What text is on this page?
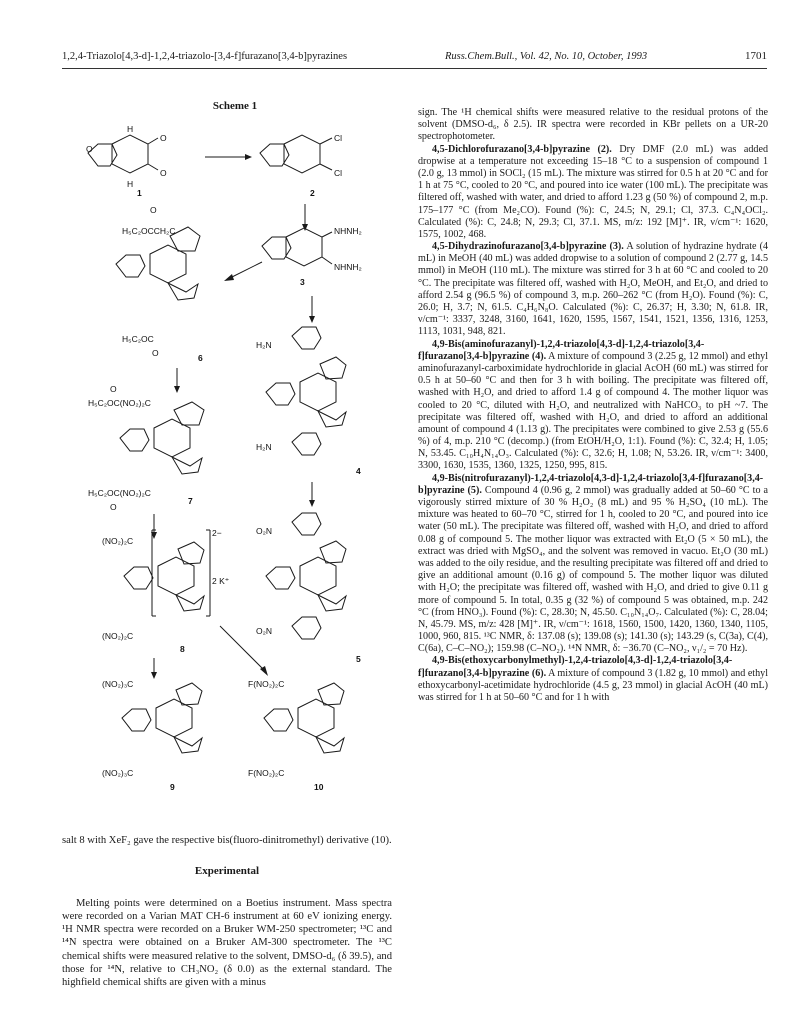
1,2,4-Triazolo[4,3-d]-1,2,4-triazolo-[3,4-f]furazano[3,4-b]pyrazines	Russ.Chem.Bull., Vol. 42, No. 10, October, 1993	1701
Scheme 1
O
H
O
O
H
1
Cl
Cl
2
NHNH₂
NHNH₂
3
O
H₅C₂OCCH₂C
H₅C₂OC
O	6
O
H₅C₂OC(NO₂)₂C
H₅C₂OC(NO₂)₂C
O
7
(NO₂)₂C
2−
2 K⁺
(NO₂)₂C
8
(NO₂)₃C
(NO₂)₃C
9
F(NO₂)₂C
F(NO₂)₂C
10
H₂N
H₂N
4
O₂N
O₂N
5

salt 8 with XeF₂ gave the respective bis(fluoro-dinitromethyl) derivative (10).

Experimental

Melting points were determined on a Boetius instrument. Mass spectra were recorded on a Varian MAT CH-6 instrument at 60 eV ionizing energy. ¹H NMR spectra were recorded on a Bruker WM-250 spectrometer; ¹³C and ¹⁴N spectra were obtained on a Bruker AM-300 spectrometer. The ¹³C chemical shifts were measured relative to the solvent, DMSO-d₆ (δ 39.5), and those for ¹⁴N, relative to CH₃NO₂ (δ 0.0) as the external standard. The highfield chemical shifts are given with a minus

sign. The ¹H chemical shifts were measured relative to the residual protons of the solvent (DMSO-d₆, δ 2.5). IR spectra were recorded in KBr pellets on a UR-20 spectrophotometer.

4,5-Dichlorofurazano[3,4-b]pyrazine (2). Dry DMF (2.0 mL) was added dropwise at a temperature not exceeding 15–18 °C to a suspension of compound 1 (2.0 g, 13 mmol) in SOCl₂ (15 mL). The mixture was stirred for 0.5 h at 20 °C and for 1 h at 75 °C, cooled to 20 °C, and poured into ice water (100 mL). The precipitate was filtered off, washed with water, and dried to afford 1.23 g (50 %) of compound 2, m.p. 175–177 °C (from Me₂CO). Found (%): C, 24.5; N, 29.1; Cl, 37.3. C₄N₄OCl₂. Calculated (%): C, 24.8; N, 29.3; Cl, 37.1. MS, m/z: 192 [M]⁺. IR, ν/cm⁻¹: 1620, 1575, 1002, 468.

4,5-Dihydrazinofurazano[3,4-b]pyrazine (3). A solution of hydrazine hydrate (4 mL) in MeOH (40 mL) was added dropwise to a solution of compound 2 (2.77 g, 14.5 mmol) in MeOH (110 mL). The mixture was stirred for 3 h at 60 °C and cooled to 20 °C. The precipitate was filtered off, washed with H₂O, MeOH, and Et₂O, and dried to afford 2.54 g (96.5 %) of compound 3, m.p. 260–262 °C (from H₂O). Found (%): C, 26.0; H, 3.7; N, 61.5. C₄H₆N₈O. Calculated (%): C, 26.37; H, 3.30; N, 61.8. IR, ν/cm⁻¹: 3337, 3248, 3160, 1641, 1620, 1595, 1567, 1541, 1521, 1356, 1316, 1253, 1113, 1031, 948, 821.

4,9-Bis(aminofurazanyl)-1,2,4-triazolo[4,3-d]-1,2,4-triazolo[3,4-f]furazano[3,4-b]pyrazine (4). A mixture of compound 3 (2.25 g, 12 mmol) and ethyl aminofurazanyl-carboximidate hydrochloride in glacial AcOH (60 mL) was stirred for 0.5 h at 50–60 °C and then for 3 h with boiling. The precipitate was filtered off, washed with H₂O, and dried to afford 1.4 g of compound 4. The mother liquor was cooled to 20 °C, diluted with H₂O, and neutralized with NaHCO₃ to pH ~7. The precipitate was filtered off, washed with H₂O, and dried to afford an additional amount of compound 4 (1.13 g). The precipitates were combined to give 2.53 g (55.6 %) of 4, m.p. 210 °C (decomp.) (from EtOH/H₂O, 1:1). Found (%): C, 32.4; H, 1.05; N, 53.45. C₁₀H₄N₁₄O₃. Calculated (%): C, 32.6; H, 1.08; N, 53.26. IR, ν/cm⁻¹: 3400, 3300, 1630, 1535, 1360, 1325, 1250, 995, 815.

4,9-Bis(nitrofurazanyl)-1,2,4-triazolo[4,3-d]-1,2,4-triazolo[3,4-f]furazano[3,4-b]pyrazine (5). Compound 4 (0.96 g, 2 mmol) was gradually added at 50–60 °C to a vigorously stirred mixture of 30 % H₂O₂ (8 mL) and 95 % H₂SO₄ (10 mL). The mixture was heated to 60–70 °C, stirred for 1 h, cooled to 20 °C, and poured into ice water (50 mL). The precipitate was filtered off, washed with H₂O, and dried to afford 0.08 g of compound 5. The mother liquor was extracted with Et₂O (5 × 50 mL), the extract was dried with MgSO₄, and the solvent was removed in vacuo. Et₂O (30 mL) was added to the oily residue, and the resulting precipitate was filtered off and dried to give an additional amount (0.16 g) of compound 5. The mother liquor was diluted with H₂O; the precipitate was filtered off, washed with H₂O, and dried to give 0.11 g more of compound 5. In total, 0.35 g (32 %) of compound 5 was obtained, m.p. 242 °C (from HNO₃). Found (%): C, 28.30; N, 45.50. C₁₀N₁₄O₇. Calculated (%): C, 28.04; N, 45.79. MS, m/z: 428 [M]⁺. IR, ν/cm⁻¹: 1618, 1560, 1500, 1420, 1360, 1340, 1105, 1000, 960, 815. ¹³C NMR, δ: 137.08 (s); 139.08 (s); 141.30 (s); 143.29 (s, C(3a), C(4), C(6a), C–C–NO₂); 159.98 (C–NO₂). ¹⁴N NMR, δ: −36.70 (C–NO₂, ν₁/₂ = 70 Hz).

4,9-Bis(ethoxycarbonylmethyl)-1,2,4-triazolo[4,3-d]-1,2,4-triazolo[3,4-f]furazano[3,4-b]pyrazine (6). A mixture of compound 3 (1.82 g, 10 mmol) and ethyl ethoxycarbonyl-acetimidate hydrochloride (4.5 g, 23 mmol) in glacial AcOH (40 mL) was stirred for 1 h at 50–60 °C and for 1 h with
